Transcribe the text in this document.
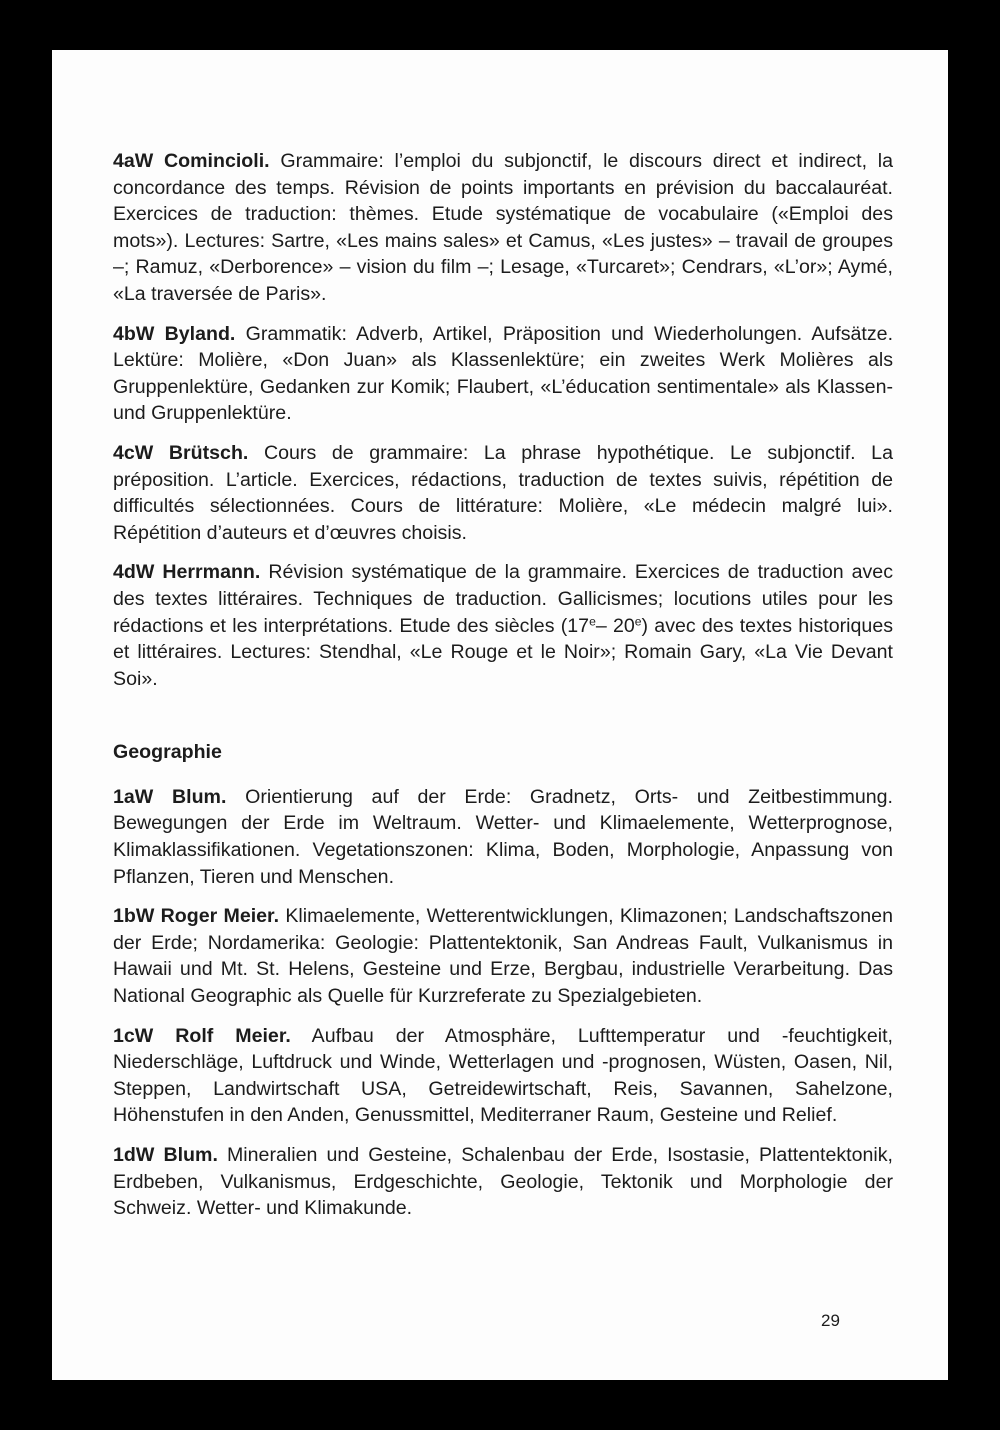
4aW Comincioli. Grammaire: l’emploi du subjonctif, le discours direct et indirect, la concordance des temps. Révision de points importants en prévision du baccalauréat. Exercices de traduction: thèmes. Etude systématique de vocabulaire («Emploi des mots»). Lectures: Sartre, «Les mains sales» et Camus, «Les justes» – travail de groupes –; Ramuz, «Derborence» – vision du film –; Lesage, «Turcaret»; Cendrars, «L’or»; Aymé, «La traversée de Paris».

4bW Byland. Grammatik: Adverb, Artikel, Präposition und Wiederholungen. Aufsätze. Lektüre: Molière, «Don Juan» als Klassenlektüre; ein zweites Werk Molières als Gruppenlektüre, Gedanken zur Komik; Flaubert, «L’éducation sentimentale» als Klassen- und Gruppenlektüre.

4cW Brütsch. Cours de grammaire: La phrase hypothétique. Le subjonctif. La préposition. L’article. Exercices, rédactions, traduction de textes suivis, répétition de difficultés sélectionnées. Cours de littérature: Molière, «Le médecin malgré lui». Répétition d’auteurs et d’œuvres choisis.

4dW Herrmann. Révision systématique de la grammaire. Exercices de traduction avec des textes littéraires. Techniques de traduction. Gallicismes; locutions utiles pour les rédactions et les interprétations. Etude des siècles (17e– 20e) avec des textes historiques et littéraires. Lectures: Stendhal, «Le Rouge et le Noir»; Romain Gary, «La Vie Devant Soi».

Geographie

1aW Blum. Orientierung auf der Erde: Gradnetz, Orts- und Zeitbestimmung. Bewegungen der Erde im Weltraum. Wetter- und Klimaelemente, Wetterprognose, Klimaklassifikationen. Vegetationszonen: Klima, Boden, Morphologie, Anpassung von Pflanzen, Tieren und Menschen.

1bW Roger Meier. Klimaelemente, Wetterentwicklungen, Klimazonen; Landschaftszonen der Erde; Nordamerika: Geologie: Plattentektonik, San Andreas Fault, Vulkanismus in Hawaii und Mt. St. Helens, Gesteine und Erze, Bergbau, industrielle Verarbeitung. Das National Geographic als Quelle für Kurzreferate zu Spezialgebieten.

1cW Rolf Meier. Aufbau der Atmosphäre, Lufttemperatur und -feuchtigkeit, Niederschläge, Luftdruck und Winde, Wetterlagen und -prognosen, Wüsten, Oasen, Nil, Steppen, Landwirtschaft USA, Getreidewirtschaft, Reis, Savannen, Sahelzone, Höhenstufen in den Anden, Genussmittel, Mediterraner Raum, Gesteine und Relief.

1dW Blum. Mineralien und Gesteine, Schalenbau der Erde, Isostasie, Plattentektonik, Erdbeben, Vulkanismus, Erdgeschichte, Geologie, Tektonik und Morphologie der Schweiz. Wetter- und Klimakunde.

29
